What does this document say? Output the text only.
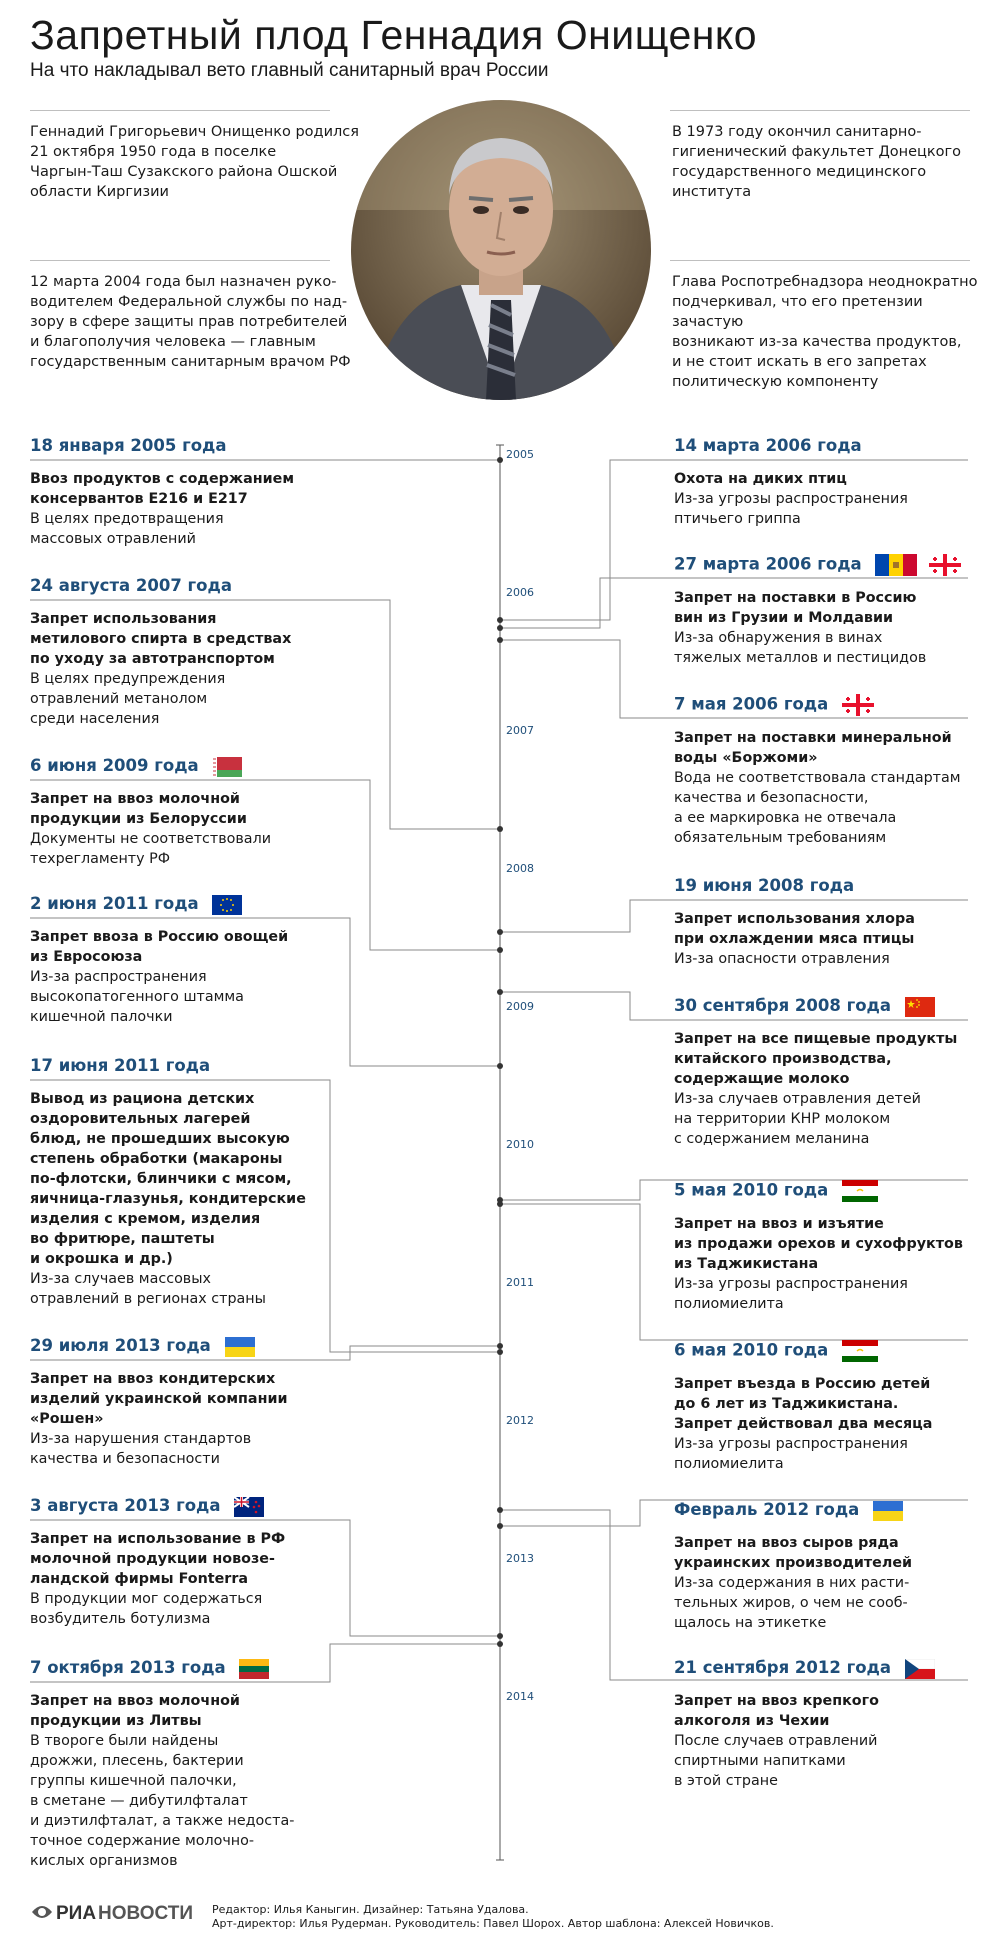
Запретный плод Геннадия Онищенко
На что накладывал вето главный санитарный врач России
Геннадий Григорьевич Онищенко родился
21 октября 1950 года в поселке
Чаргын-Таш Сузакского района Ошской
области Киргизии
12 марта 2004 года был назначен руко-
водителем Федеральной службы по над-
зору в сфере защиты прав потребителей
и благополучия человека — главным
государственным санитарным врачом РФ
В 1973 году окончил санитарно-
гигиенический факультет Донецкого
государственного медицинского
института
Глава Роспотребнадзора неоднократно
подчеркивал, что его претензии зачастую
возникают из-за качества продуктов,
и не стоит искать в его запретах
политическую компоненту
2005
2006
2007
2008
2009
2010
2011
2012
2013
2014
18 января 2005 года
Ввоз продуктов с содержанием
консервантов Е216 и Е217
В целях предотвращения
массовых отравлений
24 августа 2007 года
Запрет использования
метилового спирта в средствах
по уходу за автотранспортом
В целях предупреждения
отравлений метанолом
среди населения
6 июня 2009 года
Запрет на ввоз молочной
продукции из Белоруссии
Документы не соответствовали
техрегламенту РФ
2 июня 2011 года
Запрет ввоза в Россию овощей
из Евросоюза
Из-за распространения
высокопатогенного штамма
кишечной палочки
17 июня 2011 года
Вывод из рациона детских
оздоровительных лагерей
блюд, не прошедших высокую
степень обработки (макароны
по-флотски, блинчики с мясом,
яичница-глазунья, кондитерские
изделия с кремом, изделия
во фритюре, паштеты
и окрошка и др.)
Из-за случаев массовых
отравлений в регионах страны
29 июля 2013 года
Запрет на ввоз кондитерских
изделий украинской компании
«Рошен»
Из-за нарушения стандартов
качества и безопасности
3 августа 2013 года
Запрет на использование в РФ
молочной продукции новозе-
ландской фирмы Fonterra
В продукции мог содержаться
возбудитель ботулизма
7 октября 2013 года
Запрет на ввоз молочной
продукции из Литвы
В твороге были найдены
дрожжи, плесень, бактерии
группы кишечной палочки,
в сметане — дибутилфталат
и диэтилфталат, а также недоста-
точное содержание молочно-
кислых организмов
14 марта 2006 года
Охота на диких птиц
Из-за угрозы распространения
птичьего гриппа
27 марта 2006 года
Запрет на поставки в Россию
вин из Грузии и Молдавии
Из-за обнаружения в винах
тяжелых металлов и пестицидов
7 мая 2006 года
Запрет на поставки минеральной
воды «Боржоми»
Вода не соответствовала стандартам
качества и безопасности,
а ее маркировка не отвечала
обязательным требованиям
19 июня 2008 года
Запрет использования хлора
при охлаждении мяса птицы
Из-за опасности отравления
30 сентября 2008 года
Запрет на все пищевые продукты
китайского производства,
содержащие молоко
Из-за случаев отравления детей
на территории КНР молоком
с содержанием меланина
5 мая 2010 года
Запрет на ввоз и изъятие
из продажи орехов и сухофруктов
из Таджикистана
Из-за угрозы распространения
полиомиелита
6 мая 2010 года
Запрет въезда в Россию детей
до 6 лет из Таджикистана.
Запрет действовал два месяца
Из-за угрозы распространения
полиомиелита
Февраль 2012 года
Запрет на ввоз сыров ряда
украинских производителей
Из-за содержания в них расти-
тельных жиров, о чем не сооб-
щалось на этикетке
21 сентября 2012 года
Запрет на ввоз крепкого
алкоголя из Чехии
После случаев отравлений
спиртными напитками
в этой стране
РИА НОВОСТИ Редактор: Илья Каныгин. Дизайнер: Татьяна Удалова.
Арт-директор: Илья Рудерман. Руководитель: Павел Шорох. Автор шаблона: Алексей Новичков.
